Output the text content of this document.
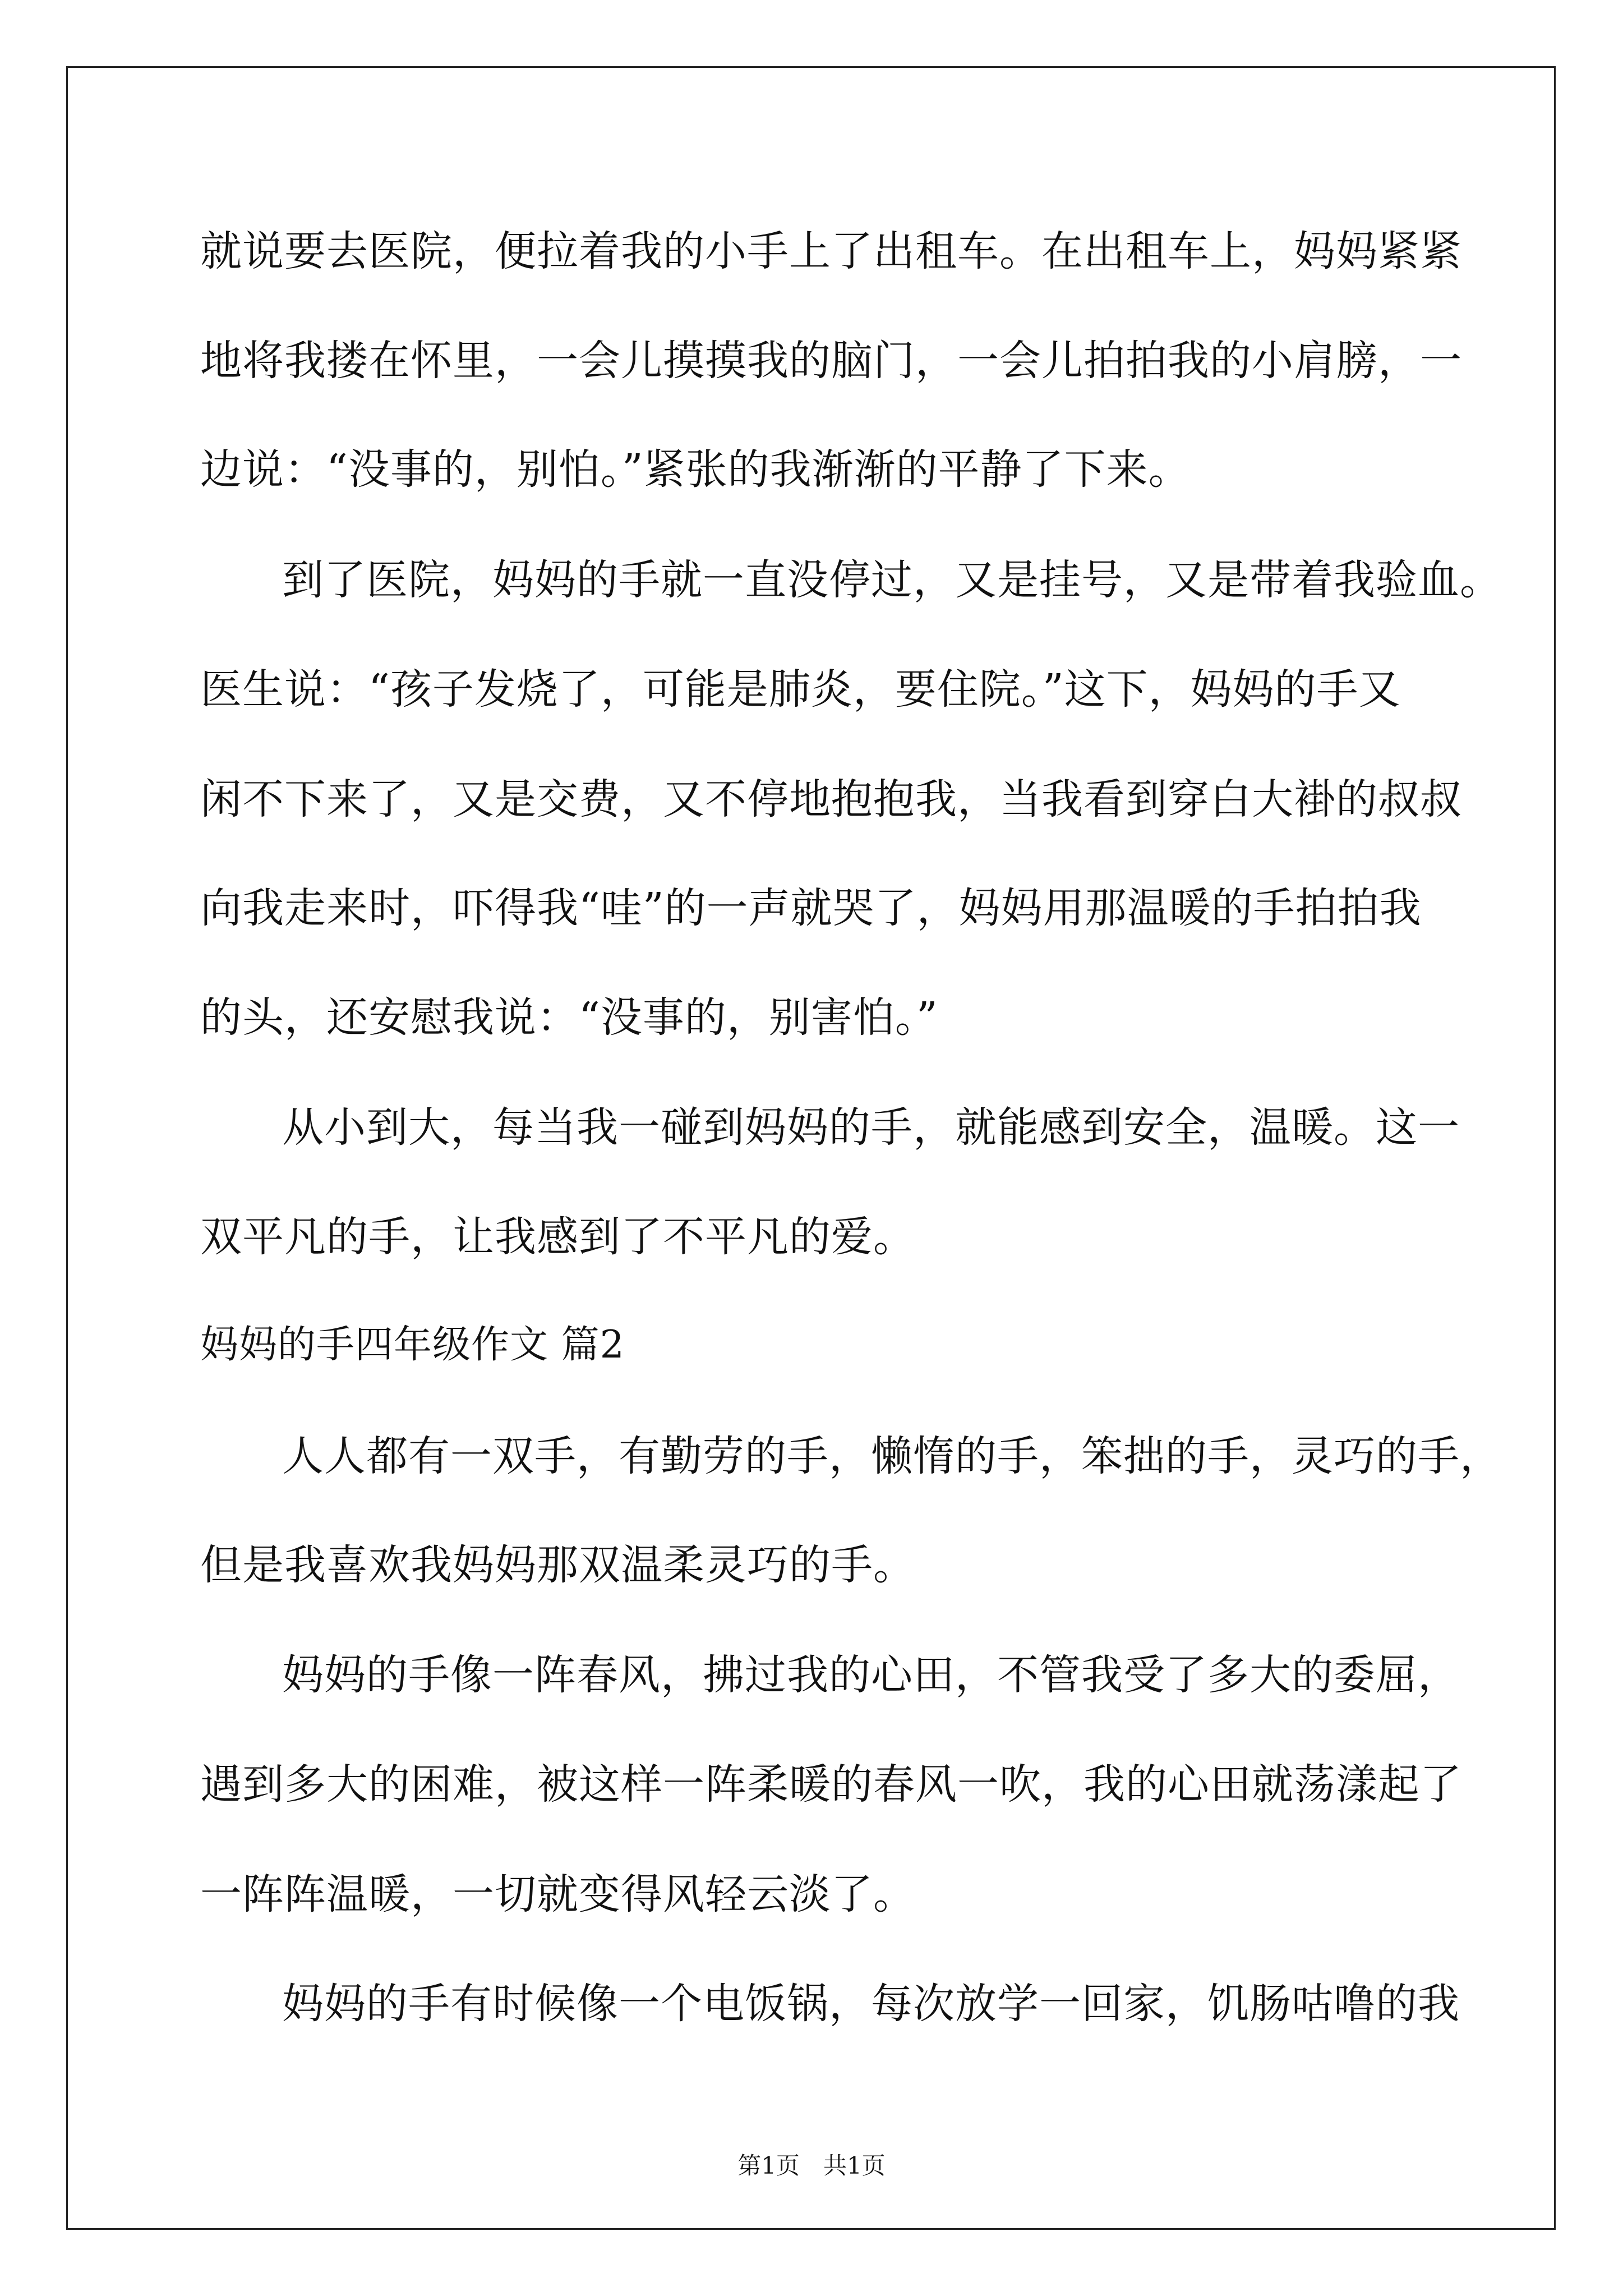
就说要去医院，便拉着我的小手上了出租车。在出租车上，妈妈紧紧
地将我搂在怀里，一会儿摸摸我的脑门，一会儿拍拍我的小肩膀，一
边说：“没事的，别怕。”紧张的我渐渐的平静了下来。
到了医院，妈妈的手就一直没停过，又是挂号，又是带着我验血。
医生说：“孩子发烧了，可能是肺炎，要住院。”这下，妈妈的手又
闲不下来了，又是交费，又不停地抱抱我，当我看到穿白大褂的叔叔
向我走来时，吓得我“哇”的一声就哭了，妈妈用那温暖的手拍拍我
的头，还安慰我说：“没事的，别害怕。”
从小到大，每当我一碰到妈妈的手，就能感到安全，温暖。这一
双平凡的手，让我感到了不平凡的爱。
妈妈的手四年级作文 篇2
人人都有一双手，有勤劳的手，懒惰的手，笨拙的手，灵巧的手，
但是我喜欢我妈妈那双温柔灵巧的手。
妈妈的手像一阵春风，拂过我的心田，不管我受了多大的委屈，
遇到多大的困难，被这样一阵柔暖的春风一吹，我的心田就荡漾起了
一阵阵温暖，一切就变得风轻云淡了。
妈妈的手有时候像一个电饭锅，每次放学一回家，饥肠咕噜的我
第1页　共1页
